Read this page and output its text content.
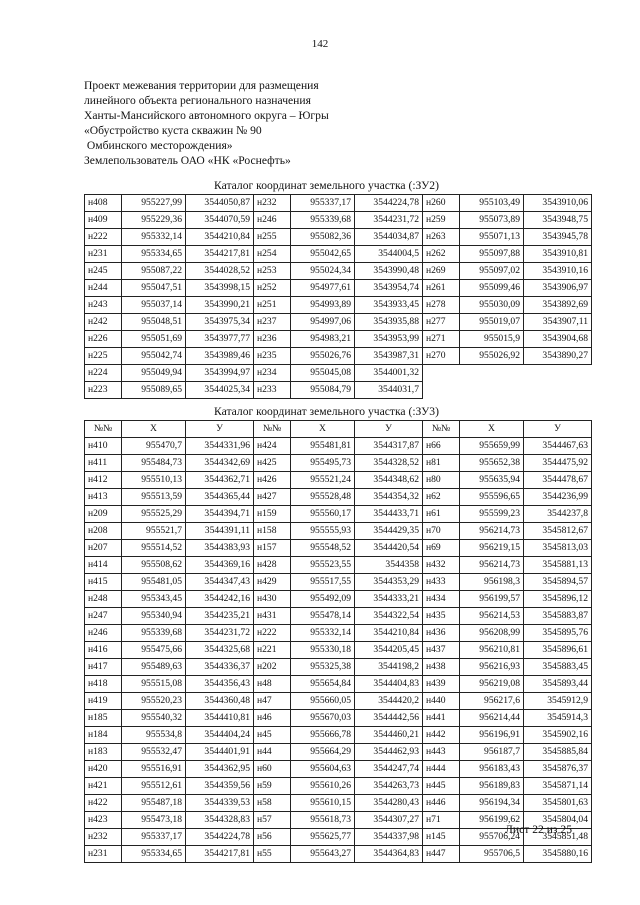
142
Проект межевания территории для размещения
линейного объекта регионального назначения
Ханты-Мансийского автономного округа – Югры
«Обустройство куста скважин № 90
Омбинского месторождения»
Землепользователь ОАО «НК «Роснефть»
Каталог координат земельного участка (:ЗУ2)
н408	955227,99	3544050,87	н232	955337,17	3544224,78	н260	955103,49	3543910,06
н409	955229,36	3544070,59	н246	955339,68	3544231,72	н259	955073,89	3543948,75
н222	955332,14	3544210,84	н255	955082,36	3544034,87	н263	955071,13	3543945,78
н231	955334,65	3544217,81	н254	955042,65	3544004,5	н262	955097,88	3543910,81
н245	955087,22	3544028,52	н253	955024,34	3543990,48	н269	955097,02	3543910,16
н244	955047,51	3543998,15	н252	954977,61	3543954,74	н261	955099,46	3543906,97
н243	955037,14	3543990,21	н251	954993,89	3543933,45	н278	955030,09	3543892,69
н242	955048,51	3543975,34	н237	954997,06	3543935,88	н277	955019,07	3543907,11
н226	955051,69	3543977,77	н236	954983,21	3543953,99	н271	955015,9	3543904,68
н225	955042,74	3543989,46	н235	955026,76	3543987,31	н270	955026,92	3543890,27
н224	955049,94	3543994,97	н234	955045,08	3544001,32			
н223	955089,65	3544025,34	н233	955084,79	3544031,7			
Каталог координат земельного участка (:ЗУ3)
№№	X	У	№№	X	У	№№	X	У
н410	955470,7	3544331,96	н424	955481,81	3544317,87	н66	955659,99	3544467,63
н411	955484,73	3544342,69	н425	955495,73	3544328,52	н81	955652,38	3544475,92
н412	955510,13	3544362,71	н426	955521,24	3544348,62	н80	955635,94	3544478,67
н413	955513,59	3544365,44	н427	955528,48	3544354,32	н62	955596,65	3544236,99
н209	955525,29	3544394,71	н159	955560,17	3544433,71	н61	955599,23	3544237,8
н208	955521,7	3544391,11	н158	955555,93	3544429,35	н70	956214,73	3545812,67
н207	955514,52	3544383,93	н157	955548,52	3544420,54	н69	956219,15	3545813,03
н414	955508,62	3544369,16	н428	955523,55	3544358	н432	956214,73	3545881,13
н415	955481,05	3544347,43	н429	955517,55	3544353,29	н433	956198,3	3545894,57
н248	955343,45	3544242,16	н430	955492,09	3544333,21	н434	956199,57	3545896,12
н247	955340,94	3544235,21	н431	955478,14	3544322,54	н435	956214,53	3545883,87
н246	955339,68	3544231,72	н222	955332,14	3544210,84	н436	956208,99	3545895,76
н416	955475,66	3544325,68	н221	955330,18	3544205,45	н437	956210,81	3545896,61
н417	955489,63	3544336,37	н202	955325,38	3544198,2	н438	956216,93	3545883,45
н418	955515,08	3544356,43	н48	955654,84	3544404,83	н439	956219,08	3545893,44
н419	955520,23	3544360,48	н47	955660,05	3544420,2	н440	956217,6	3545912,9
н185	955540,32	3544410,81	н46	955670,03	3544442,56	н441	956214,44	3545914,3
н184	955534,8	3544404,24	н45	955666,78	3544460,21	н442	956196,91	3545902,16
н183	955532,47	3544401,91	н44	955664,29	3544462,93	н443	956187,7	3545885,84
н420	955516,91	3544362,95	н60	955604,63	3544247,74	н444	956183,43	3545876,37
н421	955512,61	3544359,56	н59	955610,26	3544263,73	н445	956189,83	3545871,14
н422	955487,18	3544339,53	н58	955610,15	3544280,43	н446	956194,34	3545801,63
н423	955473,18	3544328,83	н57	955618,73	3544307,27	н71	956199,62	3545804,04
н232	955337,17	3544224,78	н56	955625,77	3544337,98	н145	955706,24	3545851,48
н231	955334,65	3544217,81	н55	955643,27	3544364,83	н447	955706,5	3545880,16
Лист 22 из 25
